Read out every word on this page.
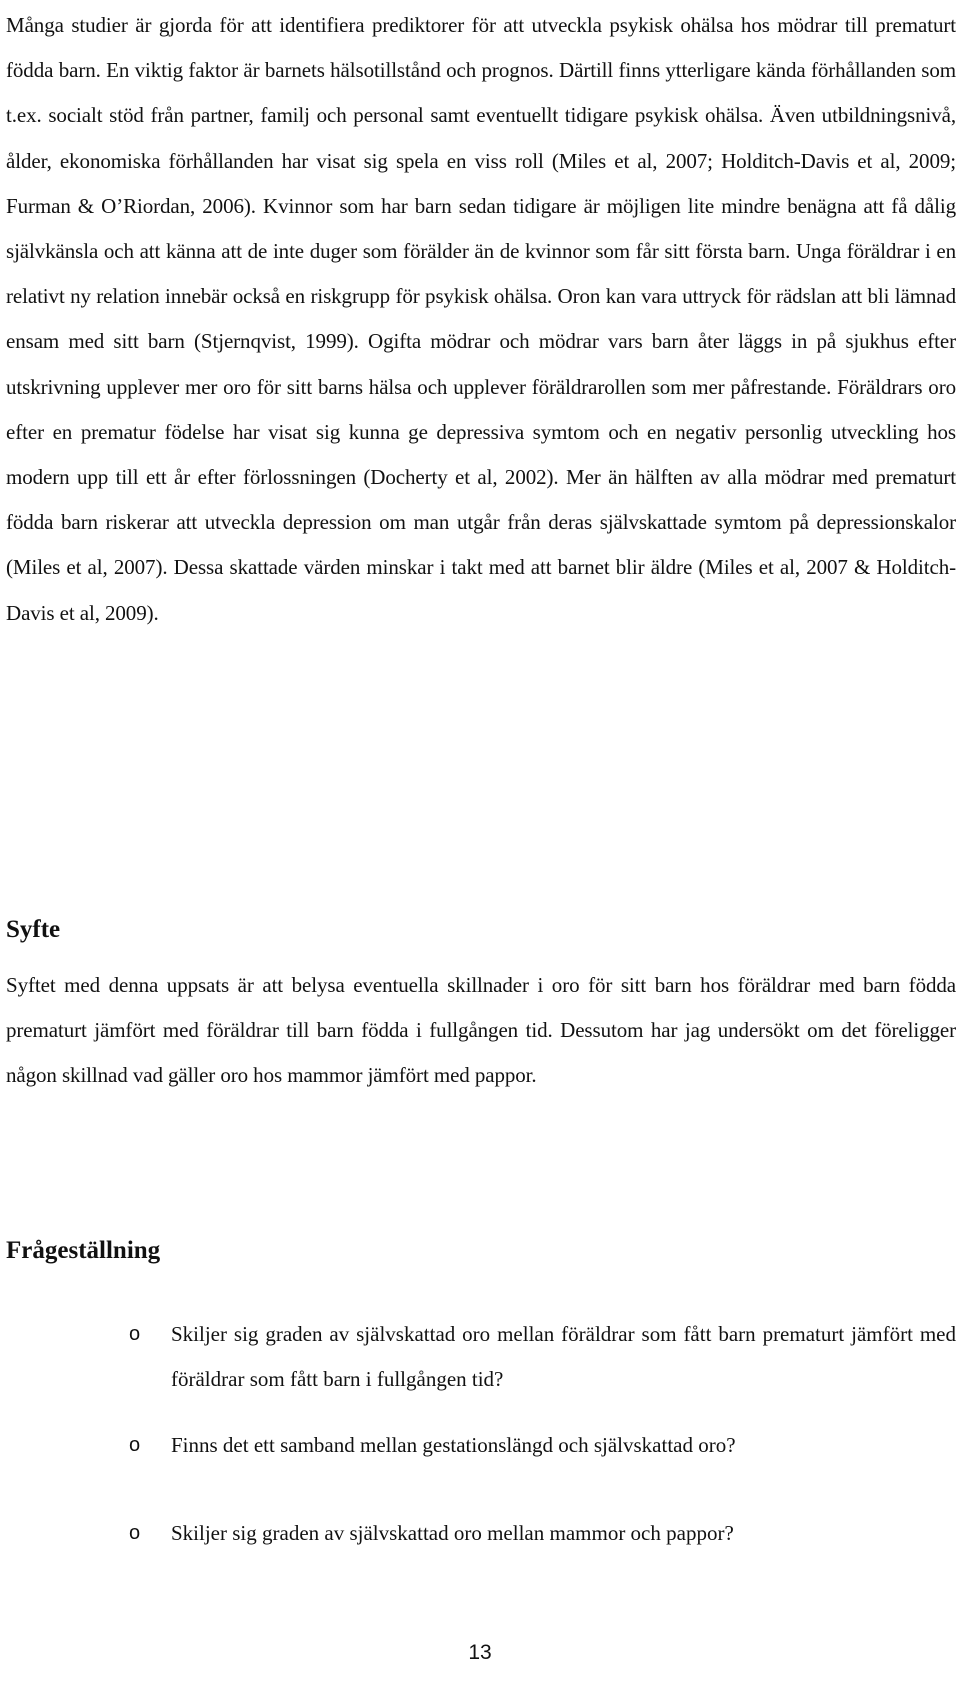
Många studier är gjorda för att identifiera prediktorer för att utveckla psykisk ohälsa hos mödrar till prematurt födda barn. En viktig faktor är barnets hälsotillstånd och prognos. Därtill finns ytterligare kända förhållanden som t.ex. socialt stöd från partner, familj och personal samt eventuellt tidigare psykisk ohälsa. Även utbildningsnivå, ålder, ekonomiska förhållanden har visat sig spela en viss roll (Miles et al, 2007; Holditch-Davis et al, 2009; Furman & O’Riordan, 2006). Kvinnor som har barn sedan tidigare är möjligen lite mindre benägna att få dålig självkänsla och att känna att de inte duger som förälder än de kvinnor som får sitt första barn. Unga föräldrar i en relativt ny relation innebär också en riskgrupp för psykisk ohälsa. Oron kan vara uttryck för rädslan att bli lämnad ensam med sitt barn (Stjernqvist, 1999). Ogifta mödrar och mödrar vars barn åter läggs in på sjukhus efter utskrivning upplever mer oro för sitt barns hälsa och upplever föräldrarollen som mer påfrestande. Föräldrars oro efter en prematur födelse har visat sig kunna ge depressiva symtom och en negativ personlig utveckling hos modern upp till ett år efter förlossningen (Docherty et al, 2002). Mer än hälften av alla mödrar med prematurt födda barn riskerar att utveckla depression om man utgår från deras självskattade symtom på depressionskalor (Miles et al, 2007). Dessa skattade värden minskar i takt med att barnet blir äldre (Miles et al, 2007 & Holditch-Davis et al, 2009).

Syfte

Syftet med denna uppsats är att belysa eventuella skillnader i oro för sitt barn hos föräldrar med barn födda prematurt jämfört med föräldrar till barn födda i fullgången tid. Dessutom har jag undersökt om det föreligger någon skillnad vad gäller oro hos mammor jämfört med pappor.

Frågeställning
o Skiljer sig graden av självskattad oro mellan föräldrar som fått barn prematurt jämfört med föräldrar som fått barn i fullgången tid?
o Finns det ett samband mellan gestationslängd och självskattad oro?
o Skiljer sig graden av självskattad oro mellan mammor och pappor?
13
